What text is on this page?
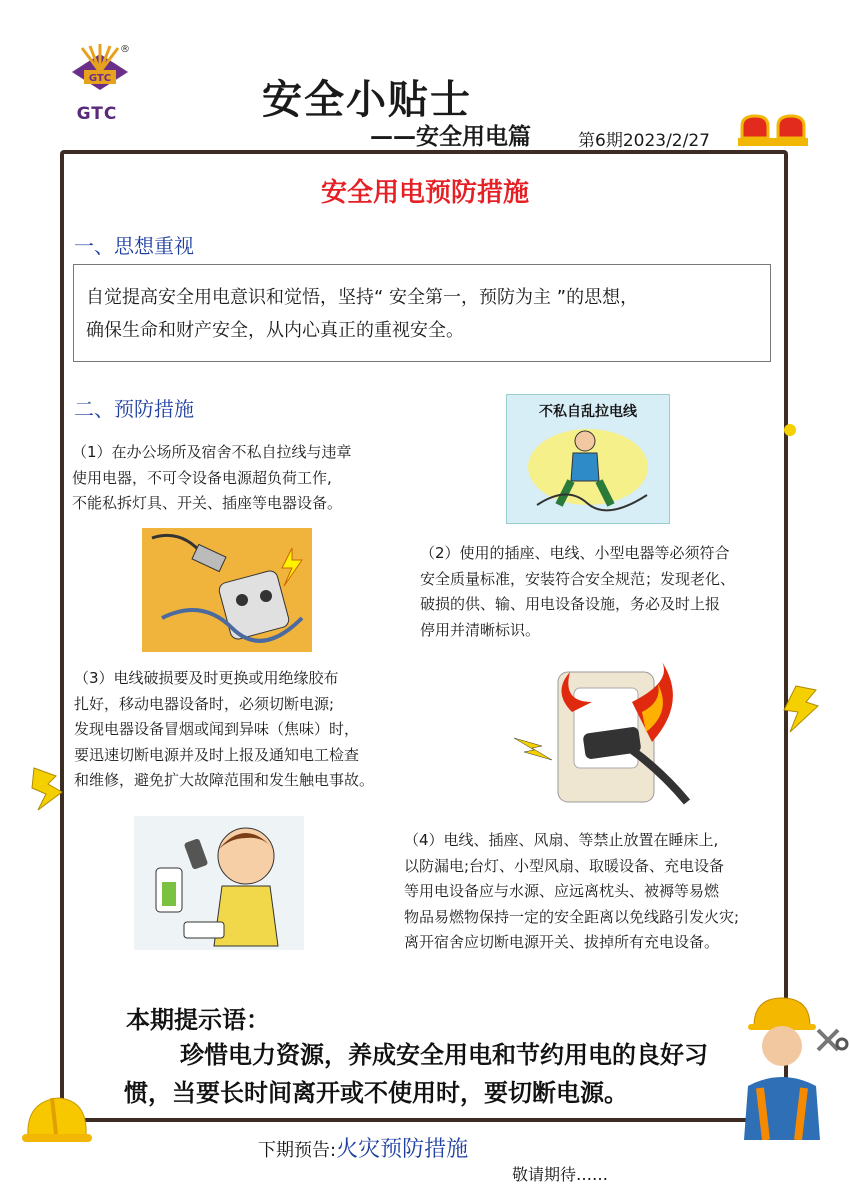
GTC
®
GTC	安全小贴士
——安全用电篇	第6期2023/2/27
安全用电预防措施
一、思想重视
自觉提高安全用电意识和觉悟，坚持“ 安全第一，预防为主 ”的思想，
确保生命和财产安全，从内心真正的重视安全。
二、预防措施	不私自乱拉电线
（1）在办公场所及宿舍不私自拉线与违章
使用电器，不可令设备电源超负荷工作,
不能私拆灯具、开关、插座等电器设备。
（2）使用的插座、电线、小型电器等必须符合
安全质量标准，安装符合安全规范；发现老化、
破损的供、输、用电设备设施，务必及时上报
停用并清晰标识。
（3）电线破损要及时更换或用绝缘胶布
扎好，移动电器设备时，必须切断电源;
发现电器设备冒烟或闻到异味（焦味）时，
要迅速切断电源并及时上报及通知电工检查
和维修，避免扩大故障范围和发生触电事故。
（4）电线、插座、风扇、等禁止放置在睡床上,
以防漏电;台灯、小型风扇、取暖设备、充电设备
等用电设备应与水源、应远离枕头、被褥等易燃
物品易燃物保持一定的安全距离以免线路引发火灾;
离开宿舍应切断电源开关、拔掉所有充电设备。
本期提示语：
珍惜电力资源，养成安全用电和节约用电的良好习惯，当要长时间离开或不使用时，要切断电源。
下期预告:火灾预防措施
敬请期待……
